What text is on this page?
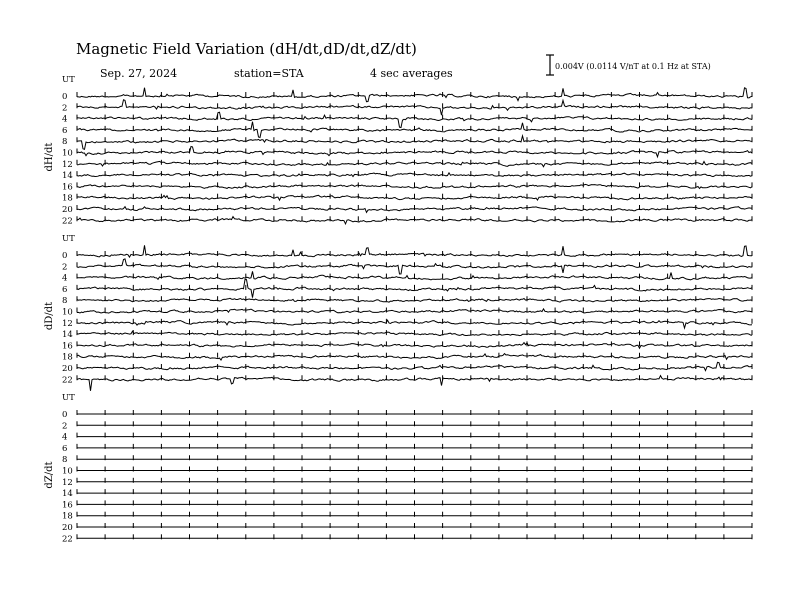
Magnetic Field Variation (dH/dt,dD/dt,dZ/dt)
Sep. 27, 2024	station=STA	4 sec averages
0.004V (0.0114 V/nT at 0.1 Hz at STA)
UT
dH/dt
0
2
4
6
8
10
12
14
16
18
20
22
UT
dD/dt
0
2
4
6
8
10
12
14
16
18
20
22
UT
dZ/dt
0
2
4
6
8
10
12
14
16
18
20
22
